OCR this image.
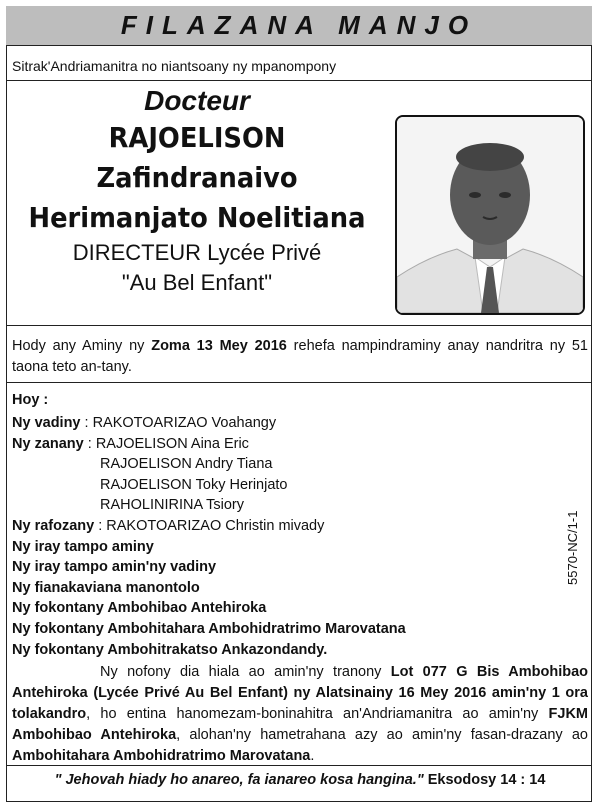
FILAZANA MANJO
Sitrak'Andriamanitra no niantsoany ny mpanompony
Docteur
RAJOELISON
Zafindranaivo
Herimanjato Noelitiana
DIRECTEUR Lycée Privé
"Au Bel Enfant"
Hody any Aminy ny Zoma 13 Mey 2016 rehefa nampindraminy anay nandritra ny 51 taona teto an-tany.
Hoy :
Ny vadiny : RAKOTOARIZAO Voahangy
Ny zanany : RAJOELISON Aina Eric
RAJOELISON Andry Tiana
RAJOELISON Toky Herinjato
RAHOLINIRINA Tsiory
Ny rafozany : RAKOTOARIZAO Christin mivady
Ny iray tampo aminy
Ny iray tampo amin'ny vadiny
Ny fianakaviana manontolo
Ny fokontany Ambohibao Antehiroka
Ny fokontany Ambohitahara Ambohidratrimo Marovatana
Ny fokontany Ambohitrakatso Ankazondandy.
5570-NC/1-1
Ny nofony dia hiala ao amin'ny tranony Lot 077 G Bis Ambohibao Antehiroka (Lycée Privé Au Bel Enfant) ny Alatsinainy 16 Mey 2016 amin'ny 1 ora tolakandro, ho entina hanomezam-boninahitra an'Andriamanitra ao amin'ny FJKM Ambohibao Antehiroka, alohan'ny hametrahana azy ao amin'ny fasan-drazany ao Ambohitahara Ambohidratrimo Marovatana.
" Jehovah hiady ho anareo, fa ianareo kosa hangina." Eksodosy 14 : 14
